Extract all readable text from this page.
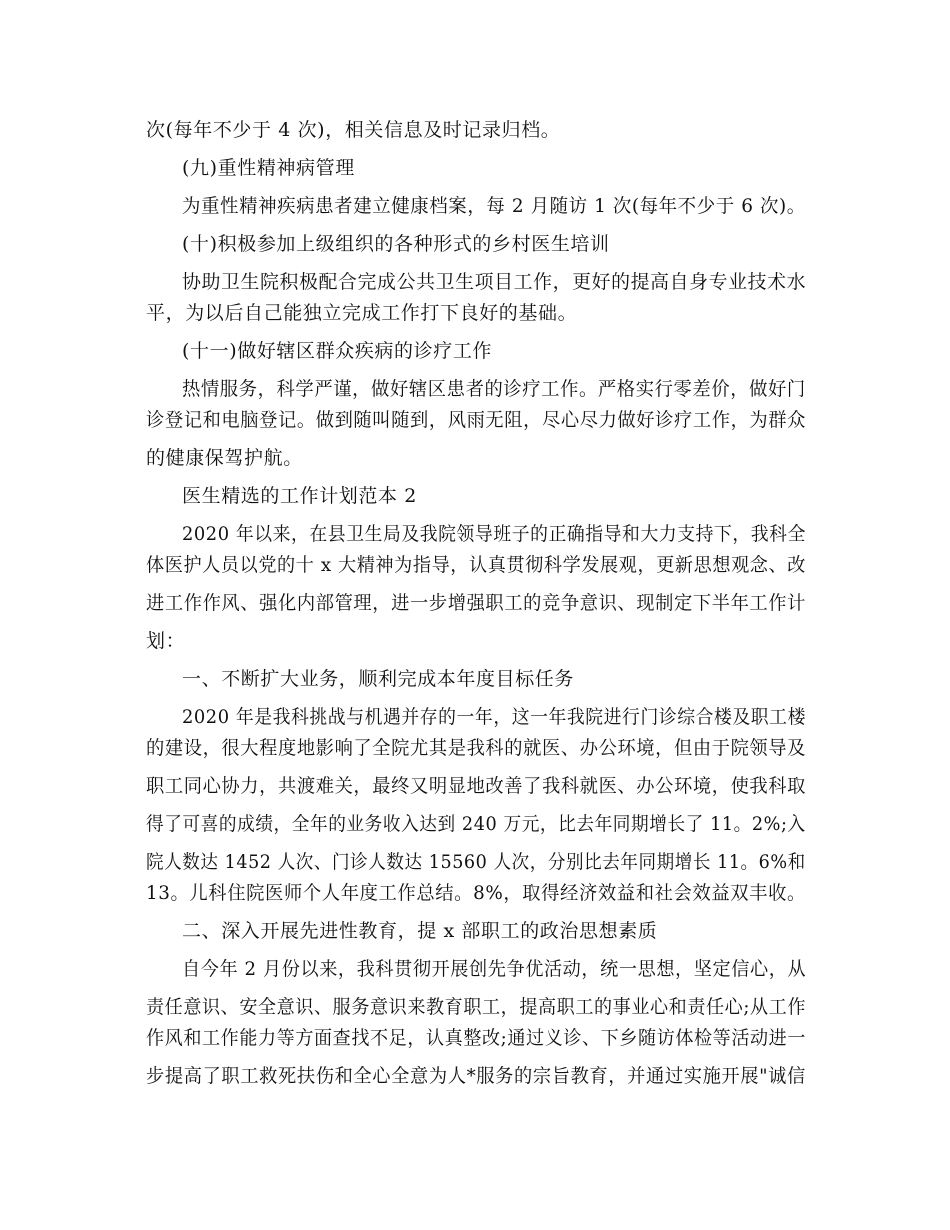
次(每年不少于 4 次)，相关信息及时记录归档。
(九)重性精神病管理
为重性精神疾病患者建立健康档案，每 2 月随访 1 次(每年不少于 6 次)。
(十)积极参加上级组织的各种形式的乡村医生培训
协助卫生院积极配合完成公共卫生项目工作，更好的提高自身专业技术水
平，为以后自己能独立完成工作打下良好的基础。
(十一)做好辖区群众疾病的诊疗工作
热情服务，科学严谨，做好辖区患者的诊疗工作。严格实行零差价，做好门
诊登记和电脑登记。做到随叫随到，风雨无阻，尽心尽力做好诊疗工作，为群众
的健康保驾护航。
医生精选的工作计划范本 2
2020 年以来，在县卫生局及我院领导班子的正确指导和大力支持下，我科全
体医护人员以党的十 x 大精神为指导，认真贯彻科学发展观，更新思想观念、改
进工作作风、强化内部管理，进一步增强职工的竞争意识、现制定下半年工作计
划：
一、不断扩大业务，顺利完成本年度目标任务
2020 年是我科挑战与机遇并存的一年，这一年我院进行门诊综合楼及职工楼
的建设，很大程度地影响了全院尤其是我科的就医、办公环境，但由于院领导及
职工同心协力，共渡难关，最终又明显地改善了我科就医、办公环境，使我科取
得了可喜的成绩，全年的业务收入达到 240 万元，比去年同期增长了 11。2%;入
院人数达 1452 人次、门诊人数达 15560 人次，分别比去年同期增长 11。6%和
13。儿科住院医师个人年度工作总结。8%，取得经济效益和社会效益双丰收。
二、深入开展先进性教育，提 x 部职工的政治思想素质
自今年 2 月份以来，我科贯彻开展创先争优活动，统一思想，坚定信心，从
责任意识、安全意识、服务意识来教育职工，提高职工的事业心和责任心;从工作
作风和工作能力等方面查找不足，认真整改;通过义诊、下乡随访体检等活动进一
步提高了职工救死扶伤和全心全意为人*服务的宗旨教育，并通过实施开展"诚信
